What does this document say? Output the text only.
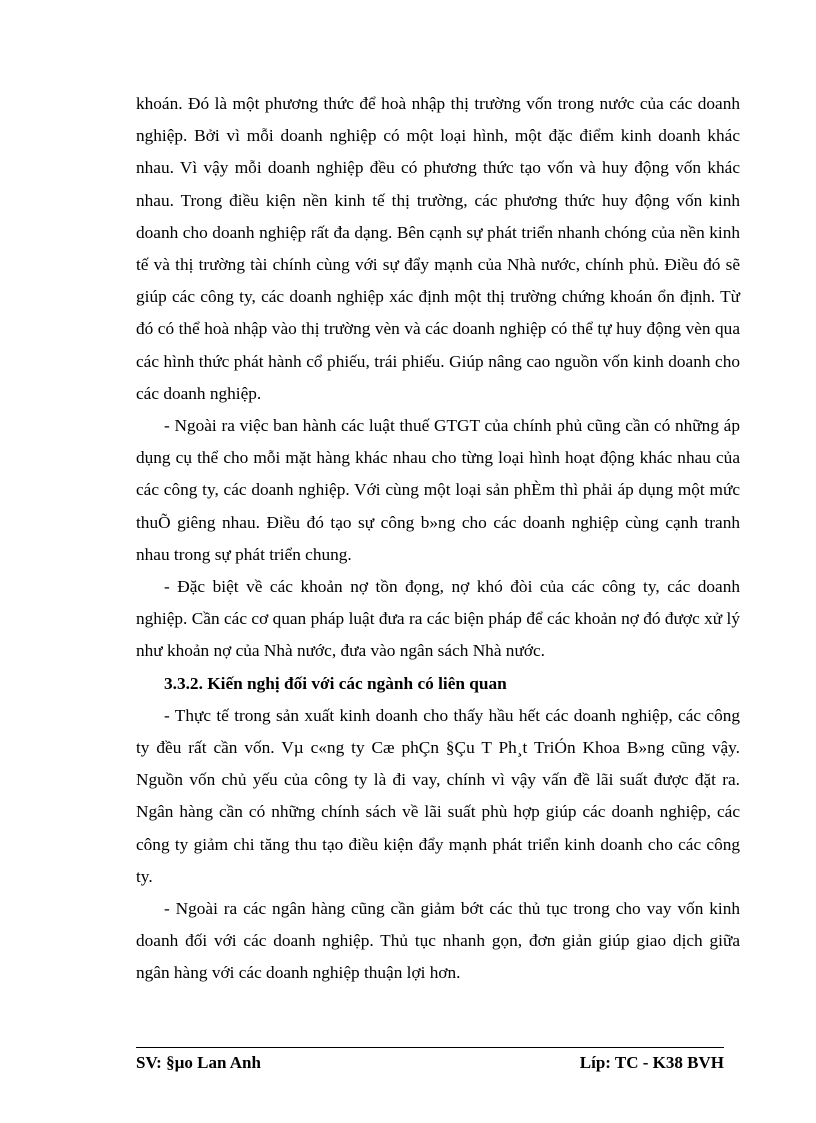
khoán. Đó là một phương thức để hoà nhập thị trường vốn trong nước của các doanh nghiệp. Bởi vì mỗi doanh nghiệp có một loại hình, một đặc điểm kinh doanh khác nhau. Vì vậy mỗi doanh nghiệp đều có phương thức tạo vốn và huy động vốn khác nhau. Trong điều kiện nền kinh tế thị trường, các phương thức huy động vốn kinh doanh cho doanh nghiệp rất đa dạng. Bên cạnh sự phát triển nhanh chóng của nền kinh tế và thị trường tài chính cùng với sự đẩy mạnh của Nhà nước, chính phủ. Điều đó sẽ giúp các công ty, các doanh nghiệp xác định một thị trường chứng khoán ổn định. Từ đó có thể hoà nhập vào thị trường vèn và các doanh nghiệp có thể tự huy động vèn qua các hình thức phát hành cổ phiếu, trái phiếu. Giúp nâng cao nguồn vốn kinh doanh cho các doanh nghiệp.

- Ngoài ra việc ban hành các luật thuế GTGT của chính phủ cũng cần có những áp dụng cụ thể cho mỗi mặt hàng khác nhau cho từng loại hình hoạt động khác nhau của các công ty, các doanh nghiệp. Với cùng một loại sản phÈm thì phải áp dụng một mức thuÕ giêng nhau. Điều đó tạo sự công b»ng cho các doanh nghiệp cùng cạnh tranh nhau trong sự phát triển chung.

- Đặc biệt về các khoản nợ tồn đọng, nợ khó đòi của các công ty, các doanh nghiệp. Cần các cơ quan pháp luật đưa ra các biện pháp để các khoản nợ đó được xử lý như khoản nợ của Nhà nước, đưa vào ngân sách Nhà nước.

3.3.2. Kiến nghị đối với các ngành có liên quan

- Thực tế trong sản xuất kinh doanh cho thấy hầu hết các doanh nghiệp, các công ty đều rất cần vốn. Vµ c«ng ty Cæ phÇn §Çu T Ph¸t TriÓn Khoa B»ng cũng vậy. Nguồn vốn chủ yếu của công ty là đi vay, chính vì vậy vấn đề lãi suất được đặt ra. Ngân hàng cần có những chính sách về lãi suất phù hợp giúp các doanh nghiệp, các công ty giảm chi tăng thu tạo điều kiện đẩy mạnh phát triển kinh doanh cho các công ty.

- Ngoài ra các ngân hàng cũng cần giảm bớt các thủ tục trong cho vay vốn kinh doanh đối với các doanh nghiệp. Thủ tục nhanh gọn, đơn giản giúp giao dịch giữa ngân hàng với các doanh nghiệp thuận lợi hơn.

SV: §µo Lan Anh	Líp: TC - K38 BVH
